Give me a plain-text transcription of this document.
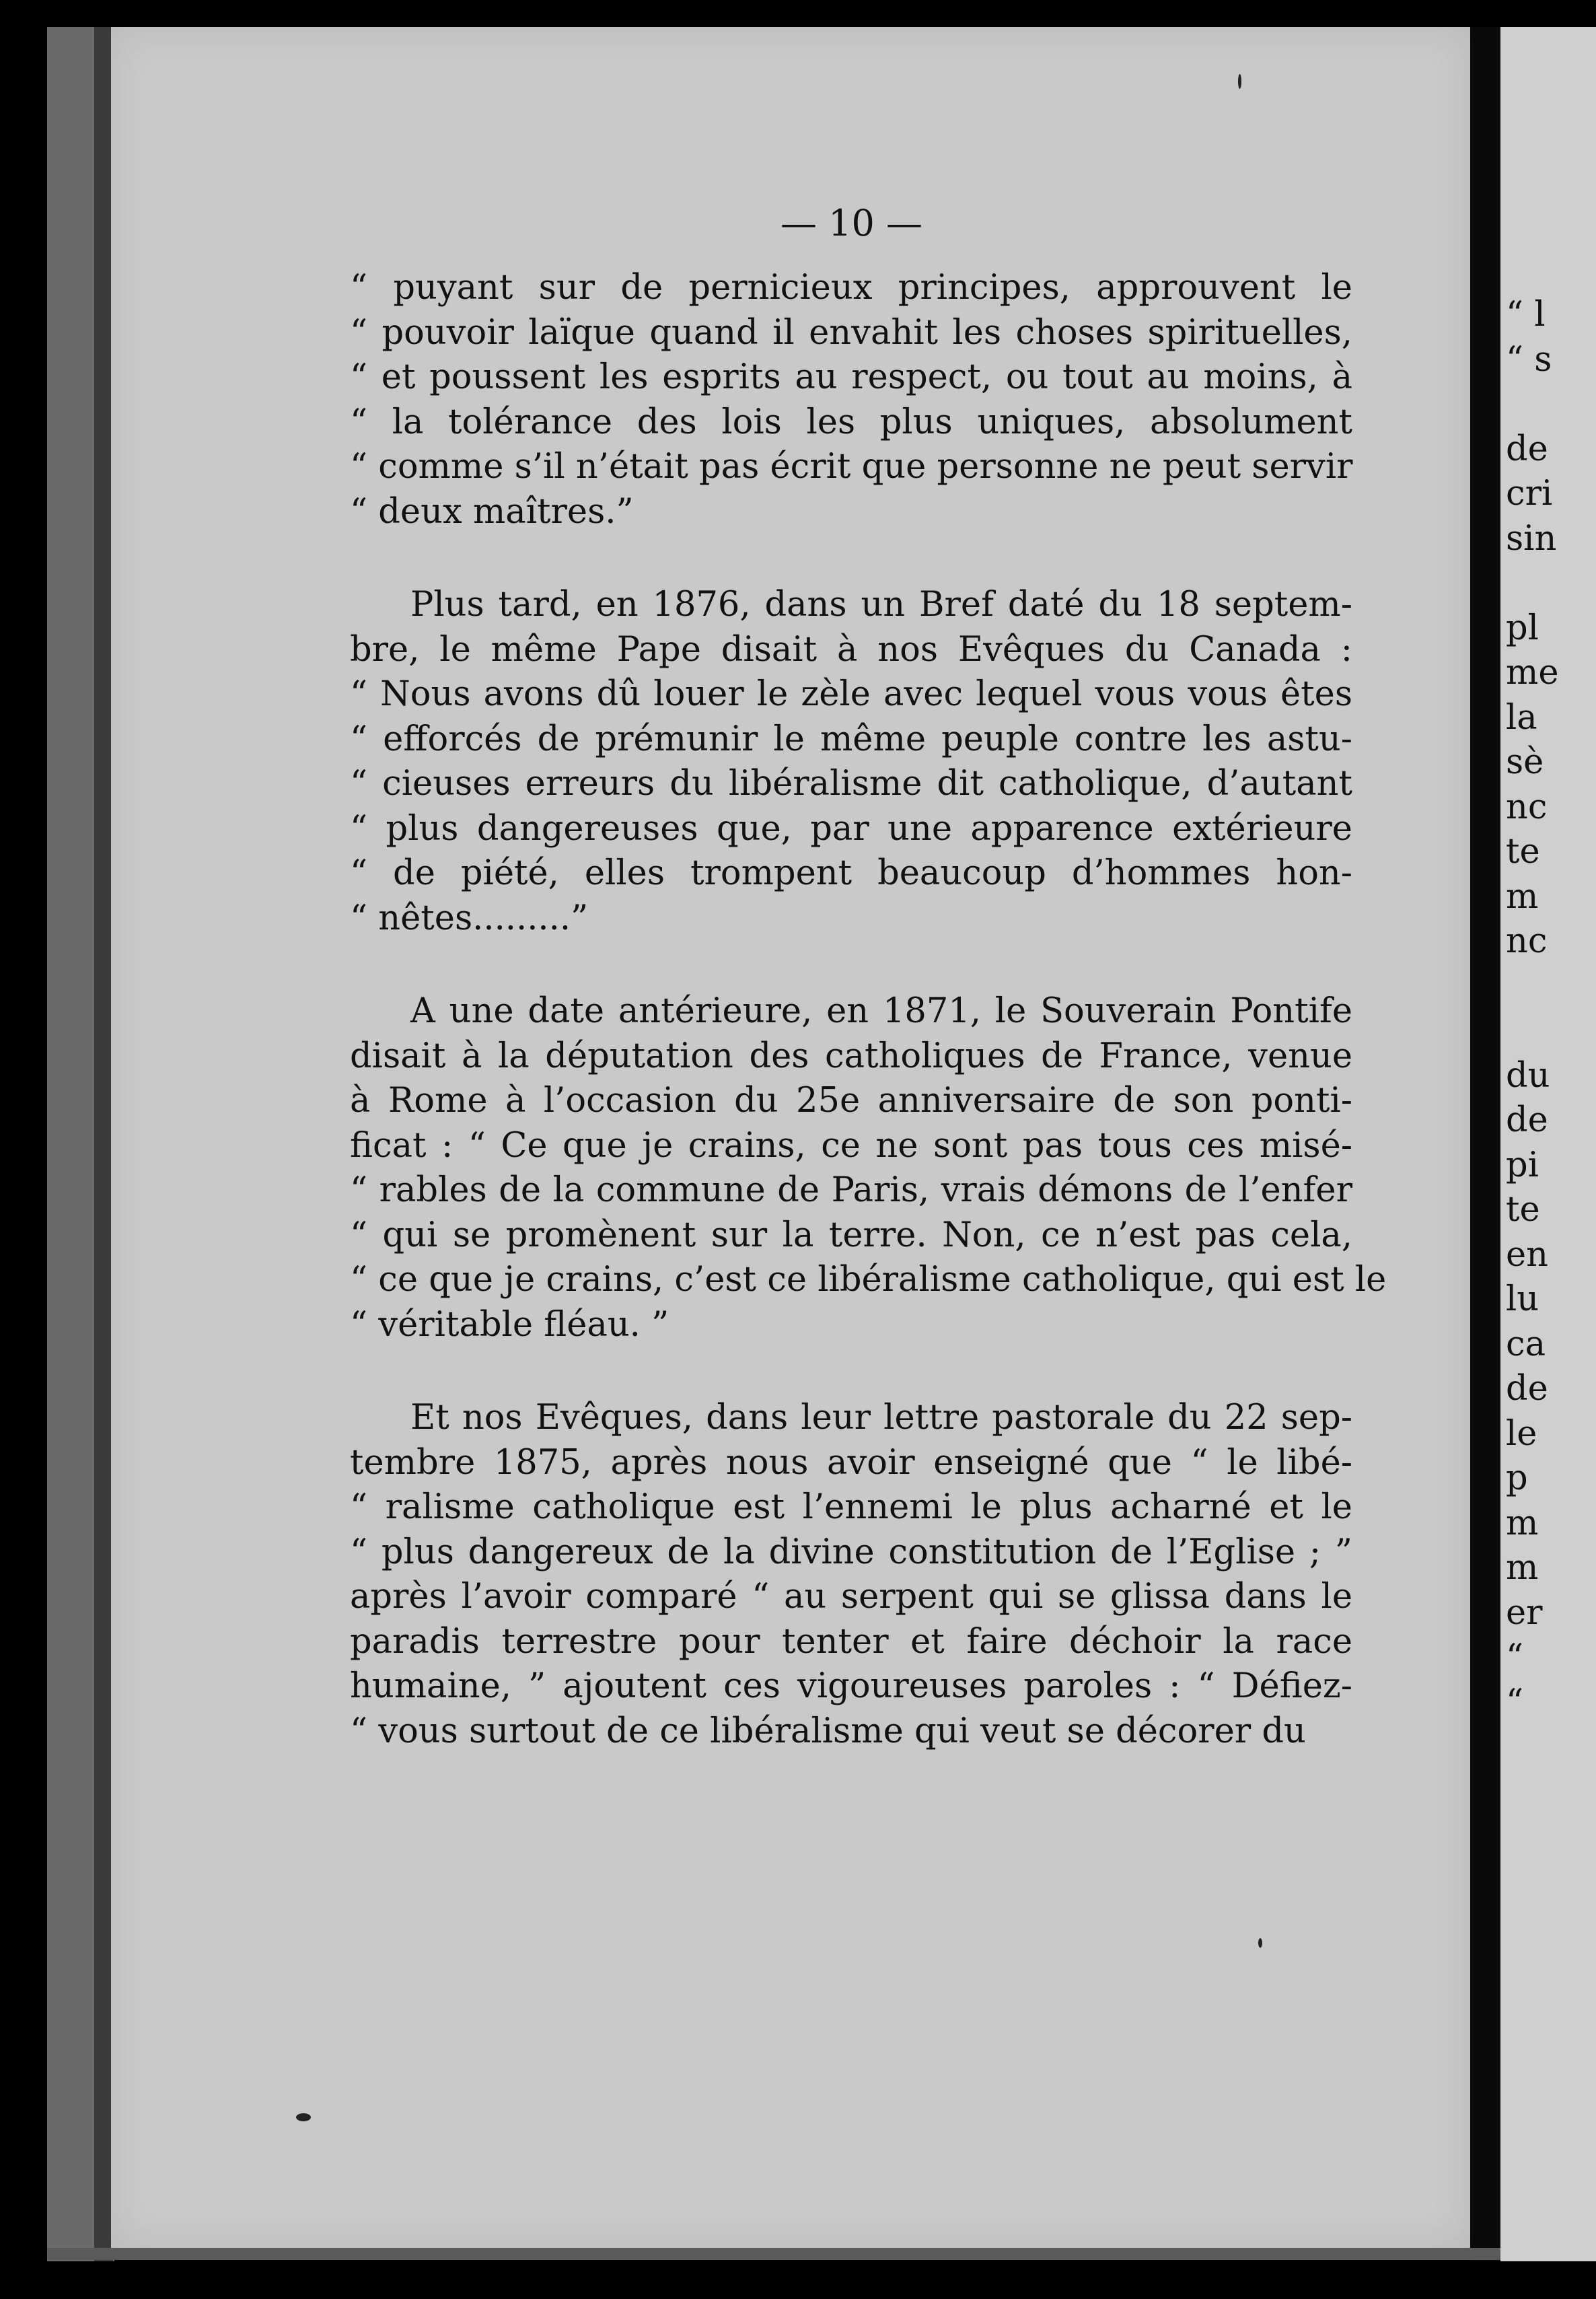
— 10 —

“ puyant sur de pernicieux principes, approuvent le
“ pouvoir laïque quand il envahit les choses spirituelles,
“ et poussent les esprits au respect, ou tout au moins, à
“ la tolérance des lois les plus uniques, absolument
“ comme s’il n’était pas écrit que personne ne peut servir
“ deux maîtres.”

Plus tard, en 1876, dans un Bref daté du 18 septem-
bre, le même Pape disait à nos Evêques du Canada :
“ Nous avons dû louer le zèle avec lequel vous vous êtes
“ efforcés de prémunir le même peuple contre les astu-
“ cieuses erreurs du libéralisme dit catholique, d’autant
“ plus dangereuses que, par une apparence extérieure
“ de piété, elles trompent beaucoup d’hommes hon-
“ nêtes.........”

A une date antérieure, en 1871, le Souverain Pontife
disait à la députation des catholiques de France, venue
à Rome à l’occasion du 25e anniversaire de son ponti-
ficat : “ Ce que je crains, ce ne sont pas tous ces misé-
“ rables de la commune de Paris, vrais démons de l’enfer
“ qui se promènent sur la terre. Non, ce n’est pas cela,
“ ce que je crains, c’est ce libéralisme catholique, qui est le
“ véritable fléau. ”

Et nos Evêques, dans leur lettre pastorale du 22 sep-
tembre 1875, après nous avoir enseigné que “ le libé-
“ ralisme catholique est l’ennemi le plus acharné et le
“ plus dangereux de la divine constitution de l’Eglise ; ”
après l’avoir comparé “ au serpent qui se glissa dans le
paradis terrestre pour tenter et faire déchoir la race
humaine, ” ajoutent ces vigoureuses paroles : “ Défiez-
“ vous surtout de ce libéralisme qui veut se décorer du

“ l
“ s

de
cri
sin

pl
me
la
sè
nc
te
m
nc

du
de
pi
te
en
lu
ca
de
le
p
m
m
er
“
“
